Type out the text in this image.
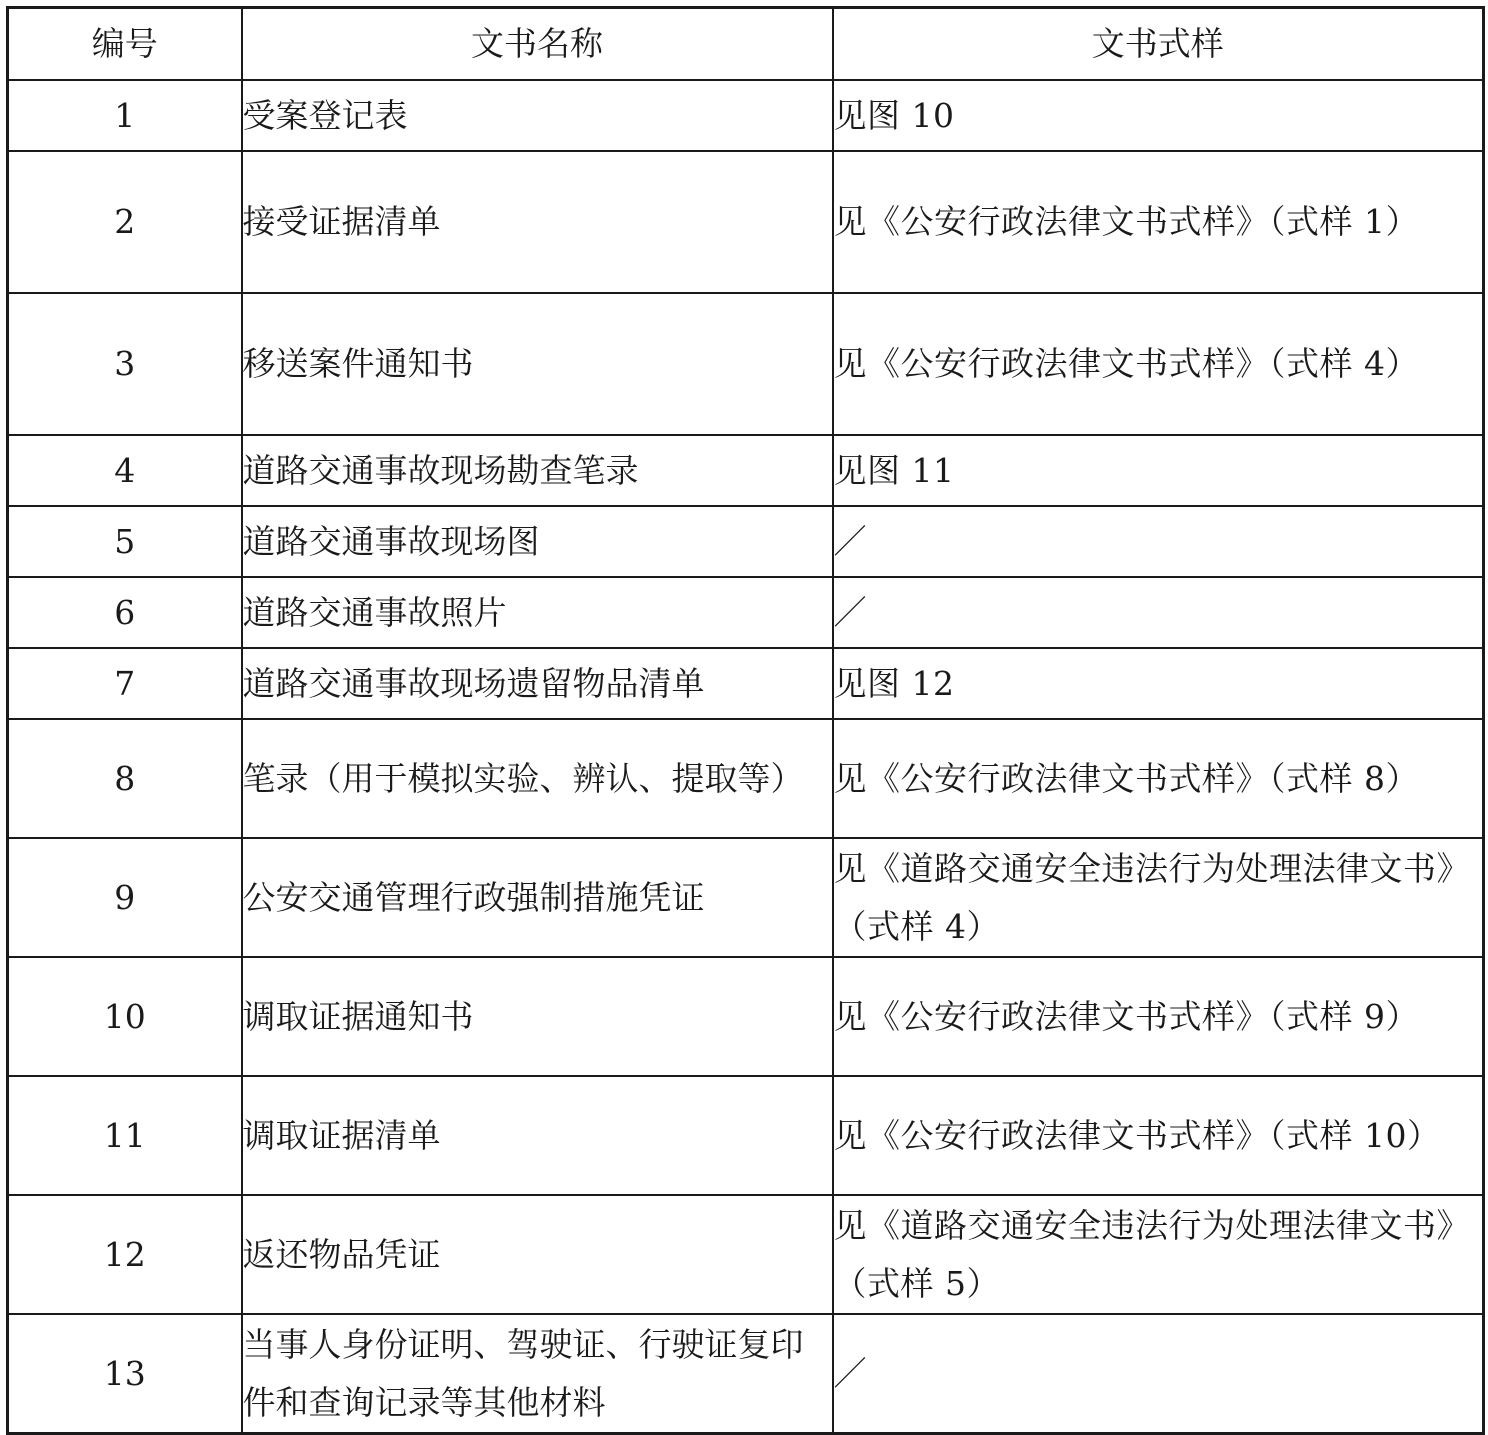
编号	文书名称	文书式样
1	受案登记表	见图 10
2	接受证据清单	见《公安行政法律文书式样》（式样 1）
3	移送案件通知书	见《公安行政法律文书式样》（式样 4）
4	道路交通事故现场勘查笔录	见图 11
5	道路交通事故现场图	／
6	道路交通事故照片	／
7	道路交通事故现场遗留物品清单	见图 12
8	笔录（用于模拟实验、辨认、提取等）	见《公安行政法律文书式样》（式样 8）
9	公安交通管理行政强制措施凭证	见《道路交通安全违法行为处理法律文书》（式样 4）
10	调取证据通知书	见《公安行政法律文书式样》（式样 9）
11	调取证据清单	见《公安行政法律文书式样》（式样 10）
12	返还物品凭证	见《道路交通安全违法行为处理法律文书》（式样 5）
13	当事人身份证明、驾驶证、行驶证复印件和查询记录等其他材料	／
